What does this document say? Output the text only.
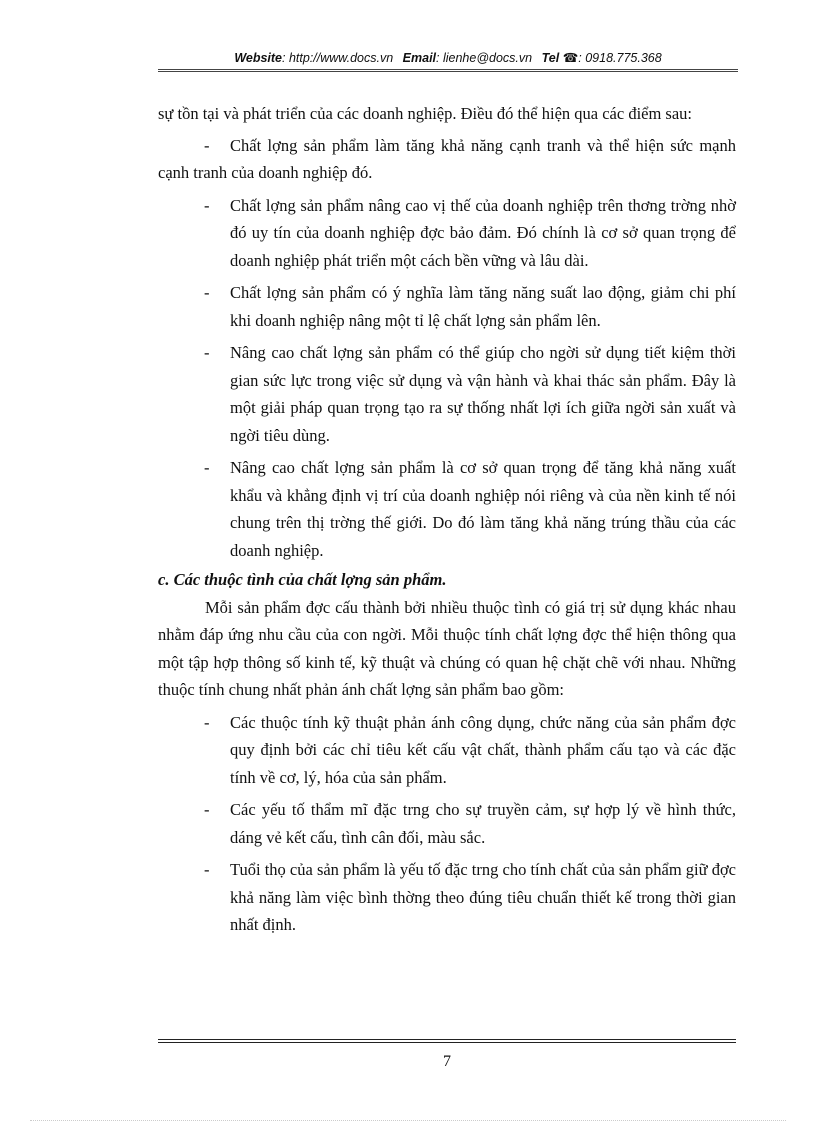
Website: http://www.docs.vn Email: lienhe@docs.vn Tel ☎: 0918.775.368

sự tồn tại và phát triển của các doanh nghiệp. Điều đó thể hiện qua các điểm sau:

-	Chất lợng sản phẩm làm tăng khả năng cạnh tranh và thể hiện sức mạnh cạnh tranh của doanh nghiệp đó.

- Chất lợng sản phẩm nâng cao vị thế của doanh nghiệp trên thơng trờng nhờ đó uy tín của doanh nghiệp đợc bảo đảm. Đó chính là cơ sở quan trọng để doanh nghiệp phát triển một cách bền vững và lâu dài.

- Chất lợng sản phẩm có ý nghĩa làm tăng năng suất lao động, giảm chi phí khi doanh nghiệp nâng một tỉ lệ chất lợng sản phẩm lên.

- Nâng cao chất lợng sản phẩm có thể giúp cho ngời sử dụng tiết kiệm thời gian sức lực trong việc sử dụng và vận hành và khai thác sản phẩm. Đây là một giải pháp quan trọng tạo ra sự thống nhất lợi ích giữa ngời sản xuất và ngời tiêu dùng.

- Nâng cao chất lợng sản phẩm là cơ sở quan trọng để tăng khả năng xuất khẩu và khẳng định vị trí của doanh nghiệp nói riêng và của nền kinh tế nói chung trên thị trờng thế giới. Do đó làm tăng khả năng trúng thầu của các doanh nghiệp.

c. Các thuộc tình của chất lợng sản phẩm.

Mỗi sản phẩm đợc cấu thành bởi nhiều thuộc tình có giá trị sử dụng khác nhau nhằm đáp ứng nhu cầu của con ngời. Mỗi thuộc tính chất lợng đợc thể hiện thông qua một tập hợp thông số kinh tế, kỹ thuật và chúng có quan hệ chặt chẽ với nhau. Những thuộc tính chung nhất phản ánh chất lợng sản phẩm bao gồm:

- Các thuộc tính kỹ thuật phản ánh công dụng, chức năng của sản phẩm đợc quy định bởi các chỉ tiêu kết cấu vật chất, thành phẩm cấu tạo và các đặc tính về cơ, lý, hóa của sản phẩm.

- Các yếu tố thẩm mĩ đặc trng cho sự truyền cảm, sự hợp lý về hình thức, dáng vẻ kết cấu, tình cân đối, màu sắc.

- Tuổi thọ của sản phẩm là yếu tố đặc trng cho tính chất của sản phẩm giữ đợc khả năng làm việc bình thờng theo đúng tiêu chuẩn thiết kế trong thời gian nhất định.

7
